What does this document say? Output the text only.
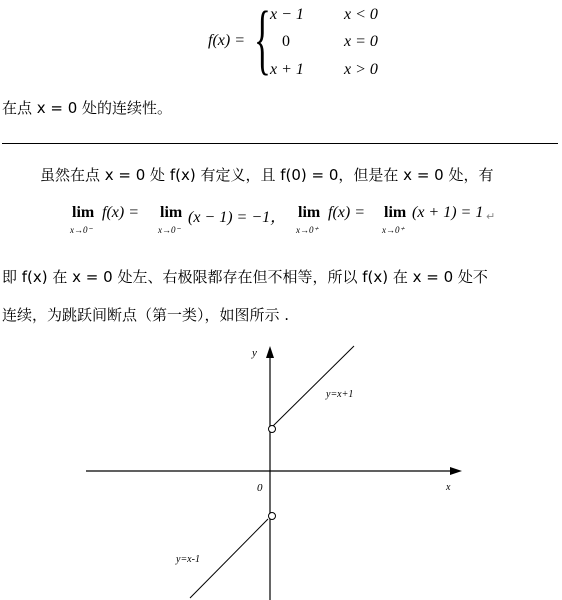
f(x) = { x − 1	x < 0
0	x = 0
x + 1	x > 0
在点 x = 0 处的连续性。
虽然在点 x = 0 处 f(x) 有定义，且 f(0) = 0，但是在 x = 0 处，有
lim
x→0⁻
f(x) = lim
x→0⁻
(x − 1) = −1， lim
x→0⁺
f(x) = lim
x→0⁺
(x + 1) = 1 ↵
即 f(x) 在 x = 0 处左、右极限都存在但不相等，所以 f(x) 在 x = 0 处不
连续，为跳跃间断点（第一类），如图所示 .
y
x
0
y=x+1
y=x-1
